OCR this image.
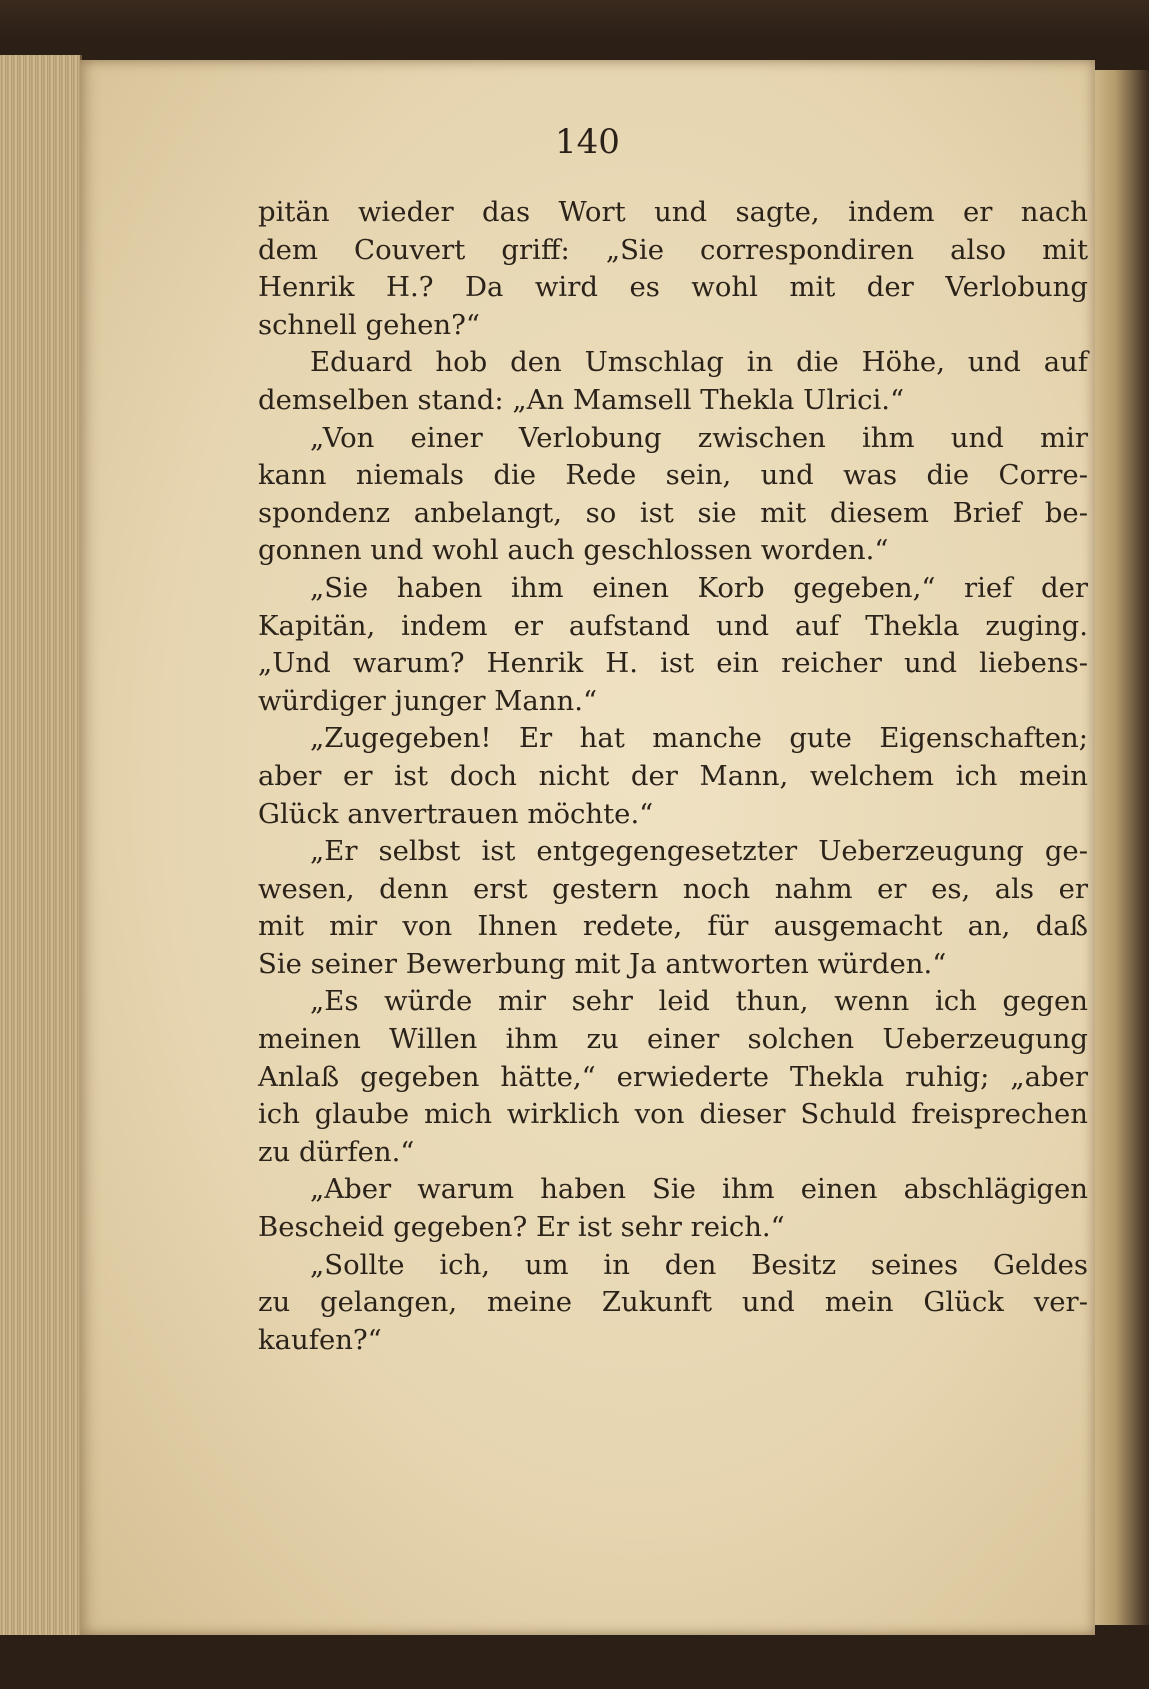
140
pitän wieder das Wort und sagte, indem er nach
dem Couvert griff: „Sie correspondiren also mit
Henrik H.? Da wird es wohl mit der Verlobung
schnell gehen?“
Eduard hob den Umschlag in die Höhe, und auf
demselben stand: „An Mamsell Thekla Ulrici.“
„Von einer Verlobung zwischen ihm und mir
kann niemals die Rede sein, und was die Corre-
spondenz anbelangt, so ist sie mit diesem Brief be-
gonnen und wohl auch geschlossen worden.“
„Sie haben ihm einen Korb gegeben,“ rief der
Kapitän, indem er aufstand und auf Thekla zuging.
„Und warum? Henrik H. ist ein reicher und liebens-
würdiger junger Mann.“
„Zugegeben! Er hat manche gute Eigenschaften;
aber er ist doch nicht der Mann, welchem ich mein
Glück anvertrauen möchte.“
„Er selbst ist entgegengesetzter Ueberzeugung ge-
wesen, denn erst gestern noch nahm er es, als er
mit mir von Ihnen redete, für ausgemacht an, daß
Sie seiner Bewerbung mit Ja antworten würden.“
„Es würde mir sehr leid thun, wenn ich gegen
meinen Willen ihm zu einer solchen Ueberzeugung
Anlaß gegeben hätte,“ erwiederte Thekla ruhig; „aber
ich glaube mich wirklich von dieser Schuld freisprechen
zu dürfen.“
„Aber warum haben Sie ihm einen abschlägigen
Bescheid gegeben? Er ist sehr reich.“
„Sollte ich, um in den Besitz seines Geldes
zu gelangen, meine Zukunft und mein Glück ver-
kaufen?“
